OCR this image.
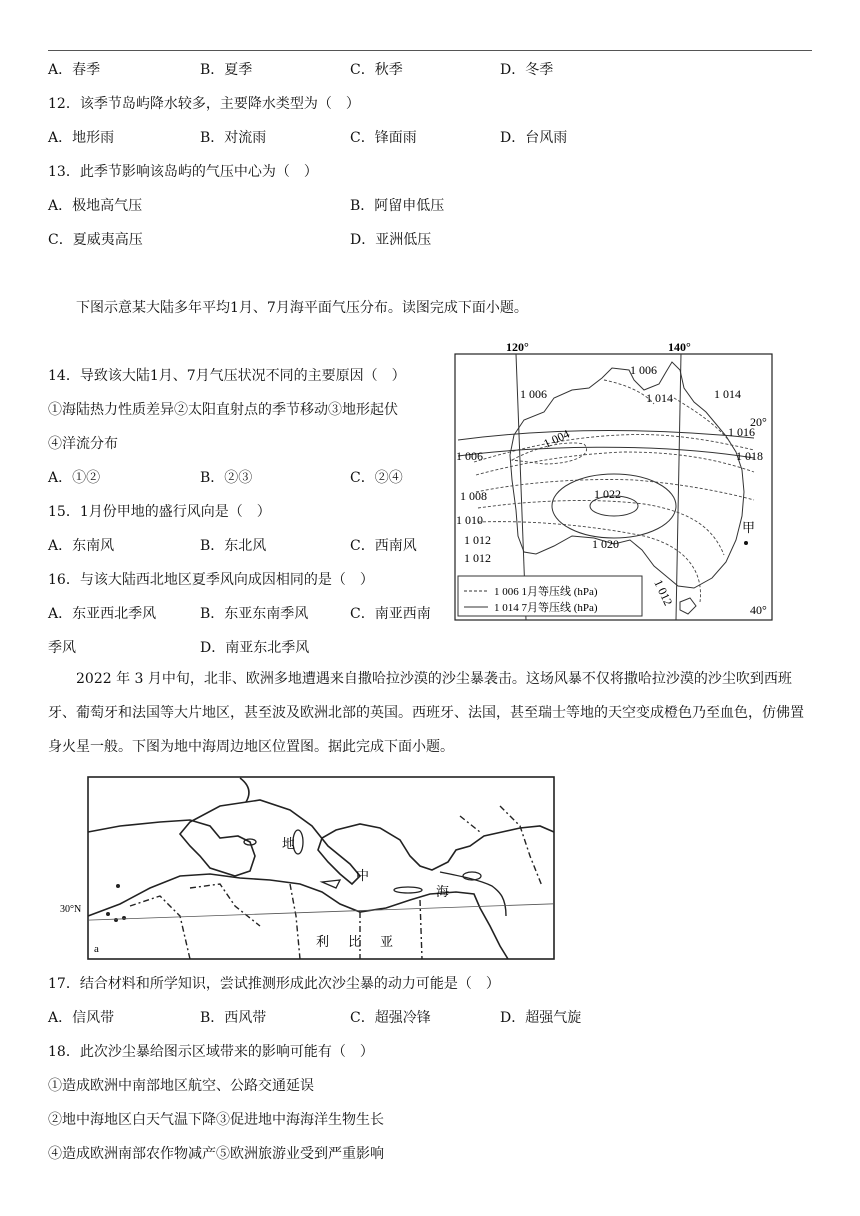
A．春季	B．夏季	C．秋季	D．冬季
12．该季节岛屿降水较多，主要降水类型为（　）
A．地形雨	B．对流雨	C．锋面雨	D．台风雨
13．此季节影响该岛屿的气压中心为（　）
A．极地高气压	B．阿留申低压
C．夏威夷高压	D．亚洲低压
下图示意某大陆多年平均1月、7月海平面气压分布。读图完成下面小题。
14．导致该大陆1月、7月气压状况不同的主要原因（　）
①海陆热力性质差异②太阳直射点的季节移动③地形起伏
④洋流分布
A．①②	B．②③	C．②④
15．1月份甲地的盛行风向是（　）
A．东南风	B．东北风	C．西南风
16．与该大陆西北地区夏季风向成因相同的是（　）
A．东亚西北季风	B．东亚东南季风	C．南亚西南
季风	D．南亚东北季风
120°	140°
20°
40°
1 006
1 006	1 014	1 014
1 016
1 004
1 006	1 018
1 008	1 022
1 010
1 012
1 012
1 020
1 012
甲
1 006 1月等压线 (hPa)
1 014 7月等压线 (hPa)
2022 年 3 月中旬，北非、欧洲多地遭遇来自撒哈拉沙漠的沙尘暴袭击。这场风暴不仅将撒哈拉沙漠的沙尘吹到西班牙、葡萄牙和法国等大片地区，甚至波及欧洲北部的英国。西班牙、法国，甚至瑞士等地的天空变成橙色乃至血色，仿佛置身火星一般。下图为地中海周边地区位置图。据此完成下面小题。
30°N
a
地
中
海
利 比 亚
17．结合材料和所学知识，尝试推测形成此次沙尘暴的动力可能是（　）
A．信风带	B．西风带	C．超强冷锋	D．超强气旋
18．此次沙尘暴给图示区域带来的影响可能有（　）
①造成欧洲中南部地区航空、公路交通延误
②地中海地区白天气温下降③促进地中海海洋生物生长
④造成欧洲南部农作物减产⑤欧洲旅游业受到严重影响
